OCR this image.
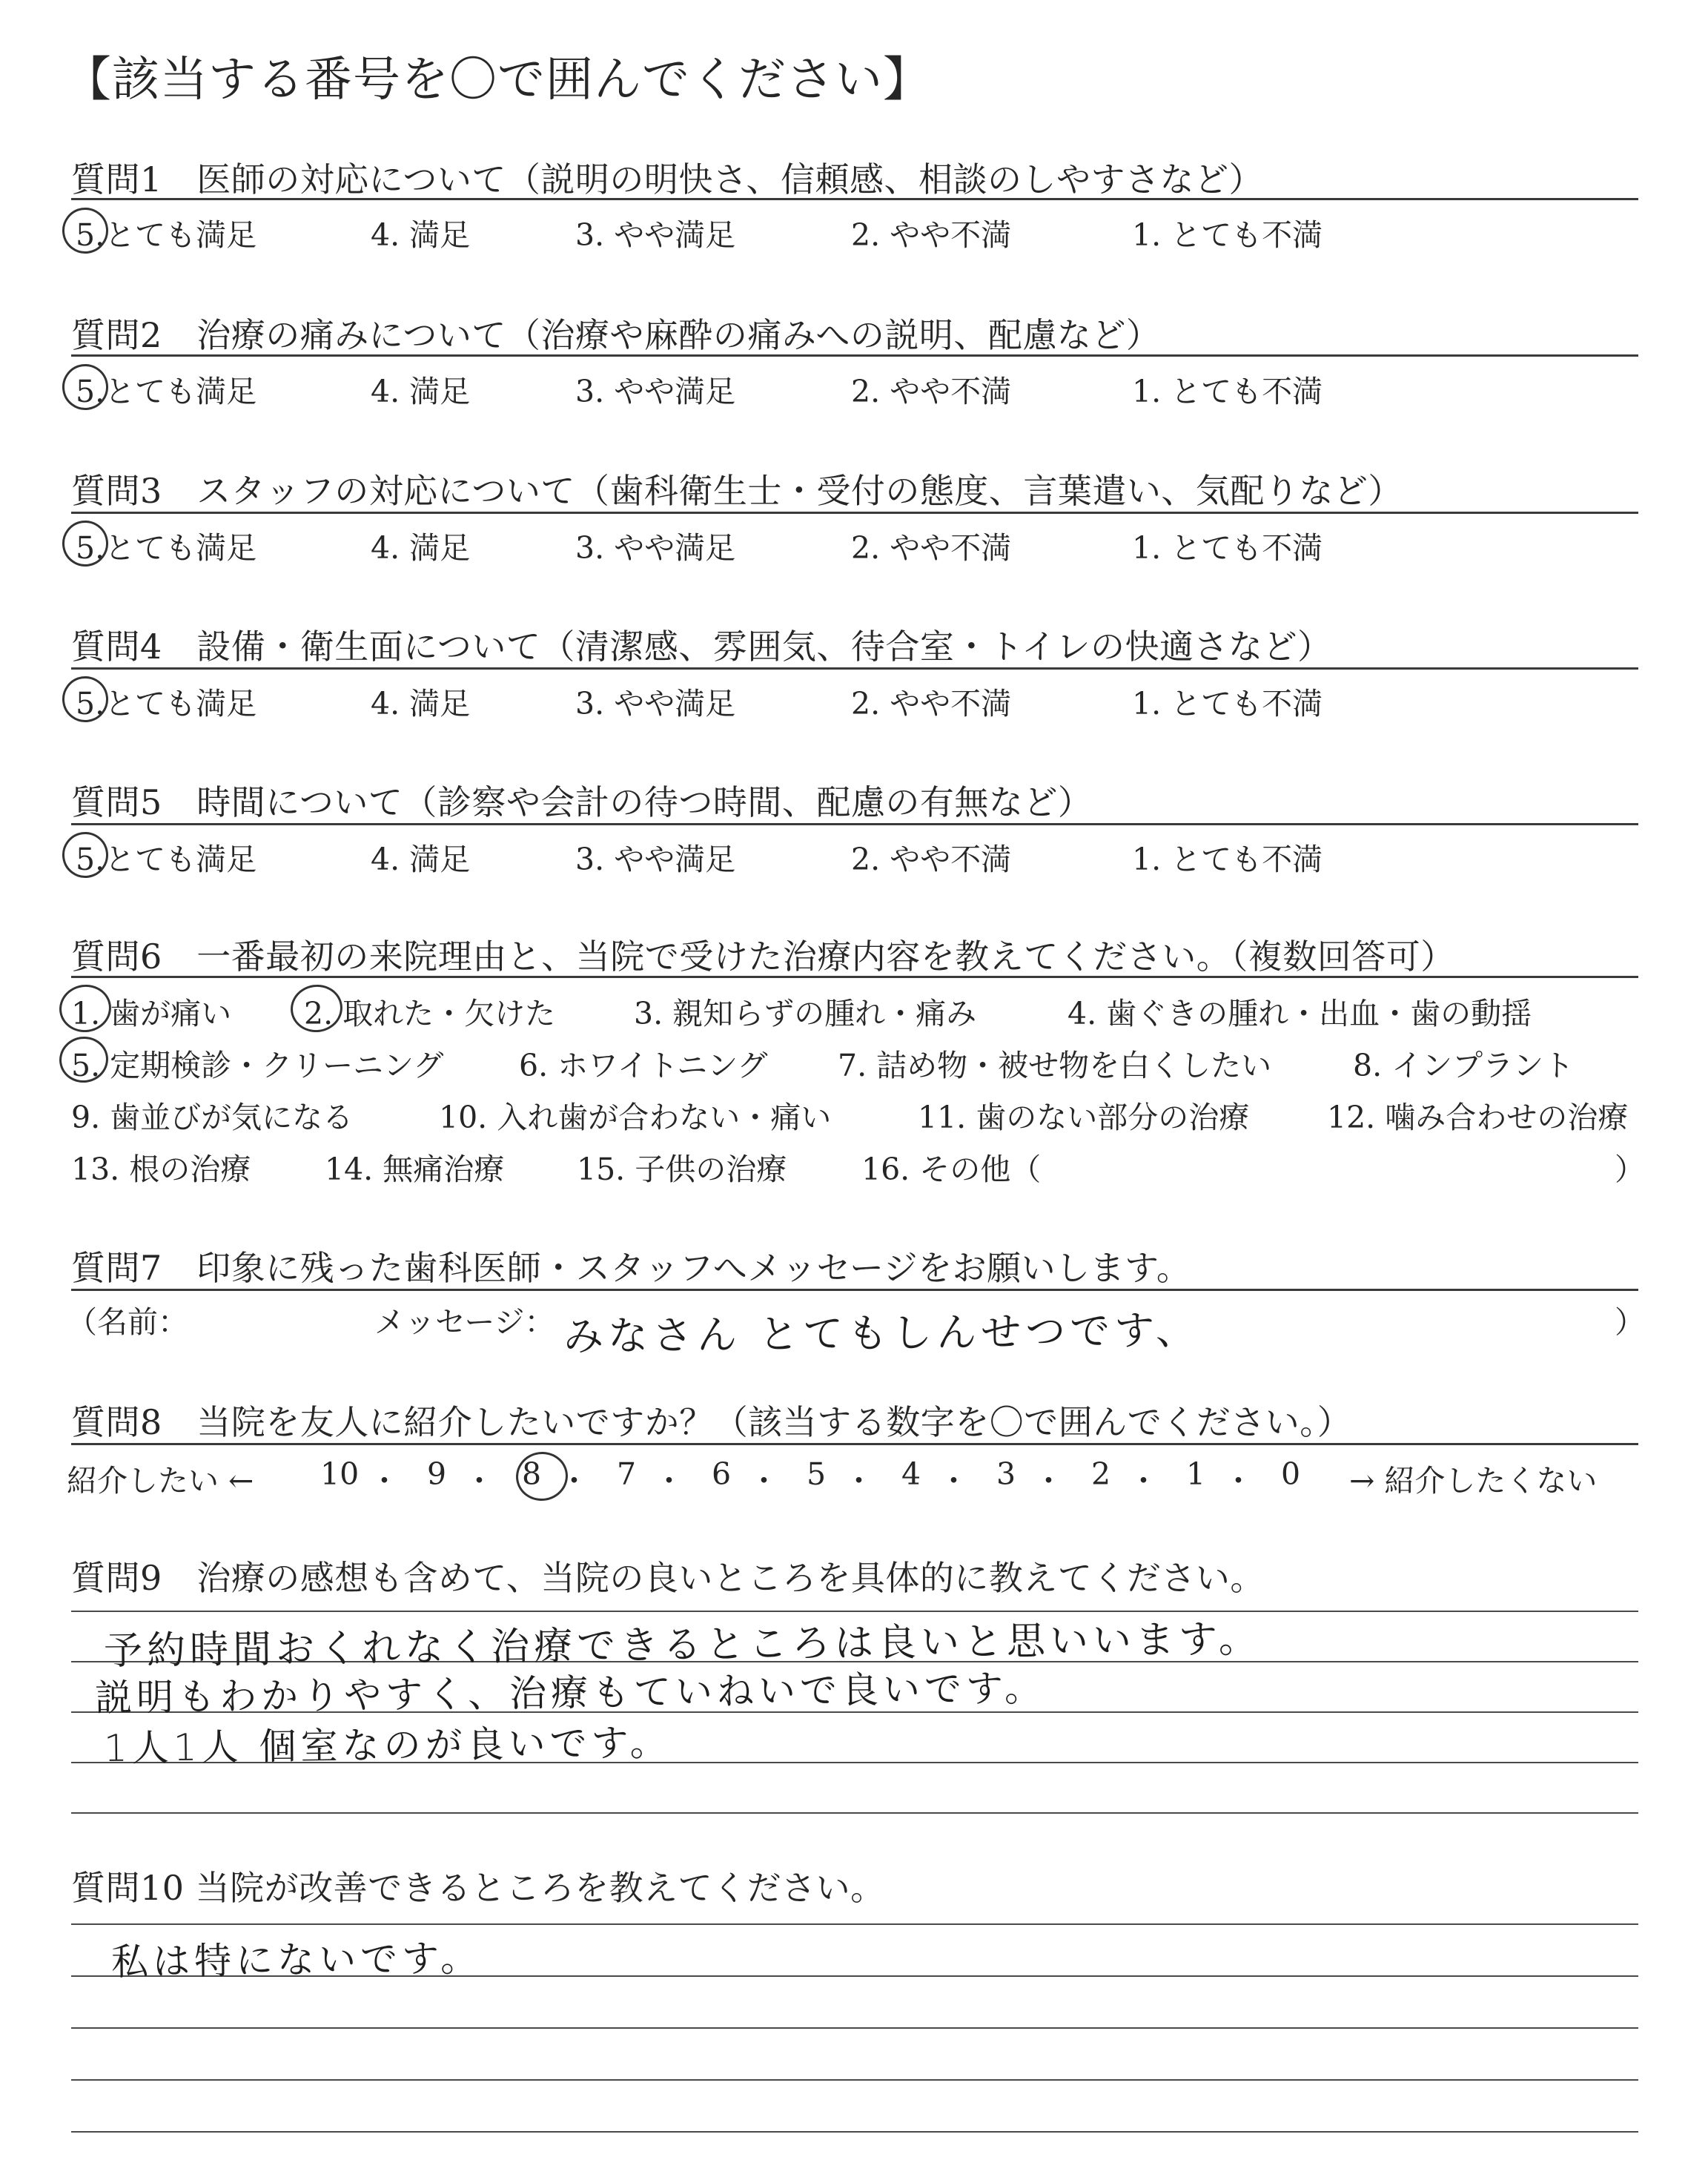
【該当する番号を〇で囲んでください】
質問1　医師の対応について（説明の明快さ、信頼感、相談のしやすさなど）
5.とても満足	4. 満足	3. やや満足	2. やや不満	1. とても不満
質問2　治療の痛みについて（治療や麻酔の痛みへの説明、配慮など）
5.とても満足	4. 満足	3. やや満足	2. やや不満	1. とても不満
質問3　スタッフの対応について（歯科衛生士・受付の態度、言葉遣い、気配りなど）
5.とても満足	4. 満足	3. やや満足	2. やや不満	1. とても不満
質問4　設備・衛生面について（清潔感、雰囲気、待合室・トイレの快適さなど）
5.とても満足	4. 満足	3. やや満足	2. やや不満	1. とても不満
質問5　時間について（診察や会計の待つ時間、配慮の有無など）
5.とても満足	4. 満足	3. やや満足	2. やや不満	1. とても不満
質問6　一番最初の来院理由と、当院で受けた治療内容を教えてください。（複数回答可）
1. 歯が痛い 2. 取れた・欠けた	3. 親知らずの腫れ・痛み	4. 歯ぐきの腫れ・出血・歯の動揺
5. 定期検診・クリーニング 6. ホワイトニング 7. 詰め物・被せ物を白くしたい	8. インプラント
9. 歯並びが気になる	10. 入れ歯が合わない・痛い	11. 歯のない部分の治療	12. 噛み合わせの治療
13. 根の治療 14. 無痛治療 15. 子供の治療 16. その他（	）
質問7　印象に残った歯科医師・スタッフへメッセージをお願いします。
（名前：	メッセージ： みなさん とてもしんせつです、	）
質問8　当院を友人に紹介したいですか？（該当する数字を〇で囲んでください。）
紹介したい ←	→ 紹介したくない
10 ・ 9 ・ 8 ・ 7 ・ 6 ・ 5 ・ 4 ・ 3 ・ 2 ・ 1 ・ 0
質問9　治療の感想も含めて、当院の良いところを具体的に教えてください。
予約時間おくれなく治療できるところは良いと思いいます。
説明もわかりやすく、治療もていねいで良いです。
1人1人 個室なのが良いです。
質問10 当院が改善できるところを教えてください。
私は特にないです。
